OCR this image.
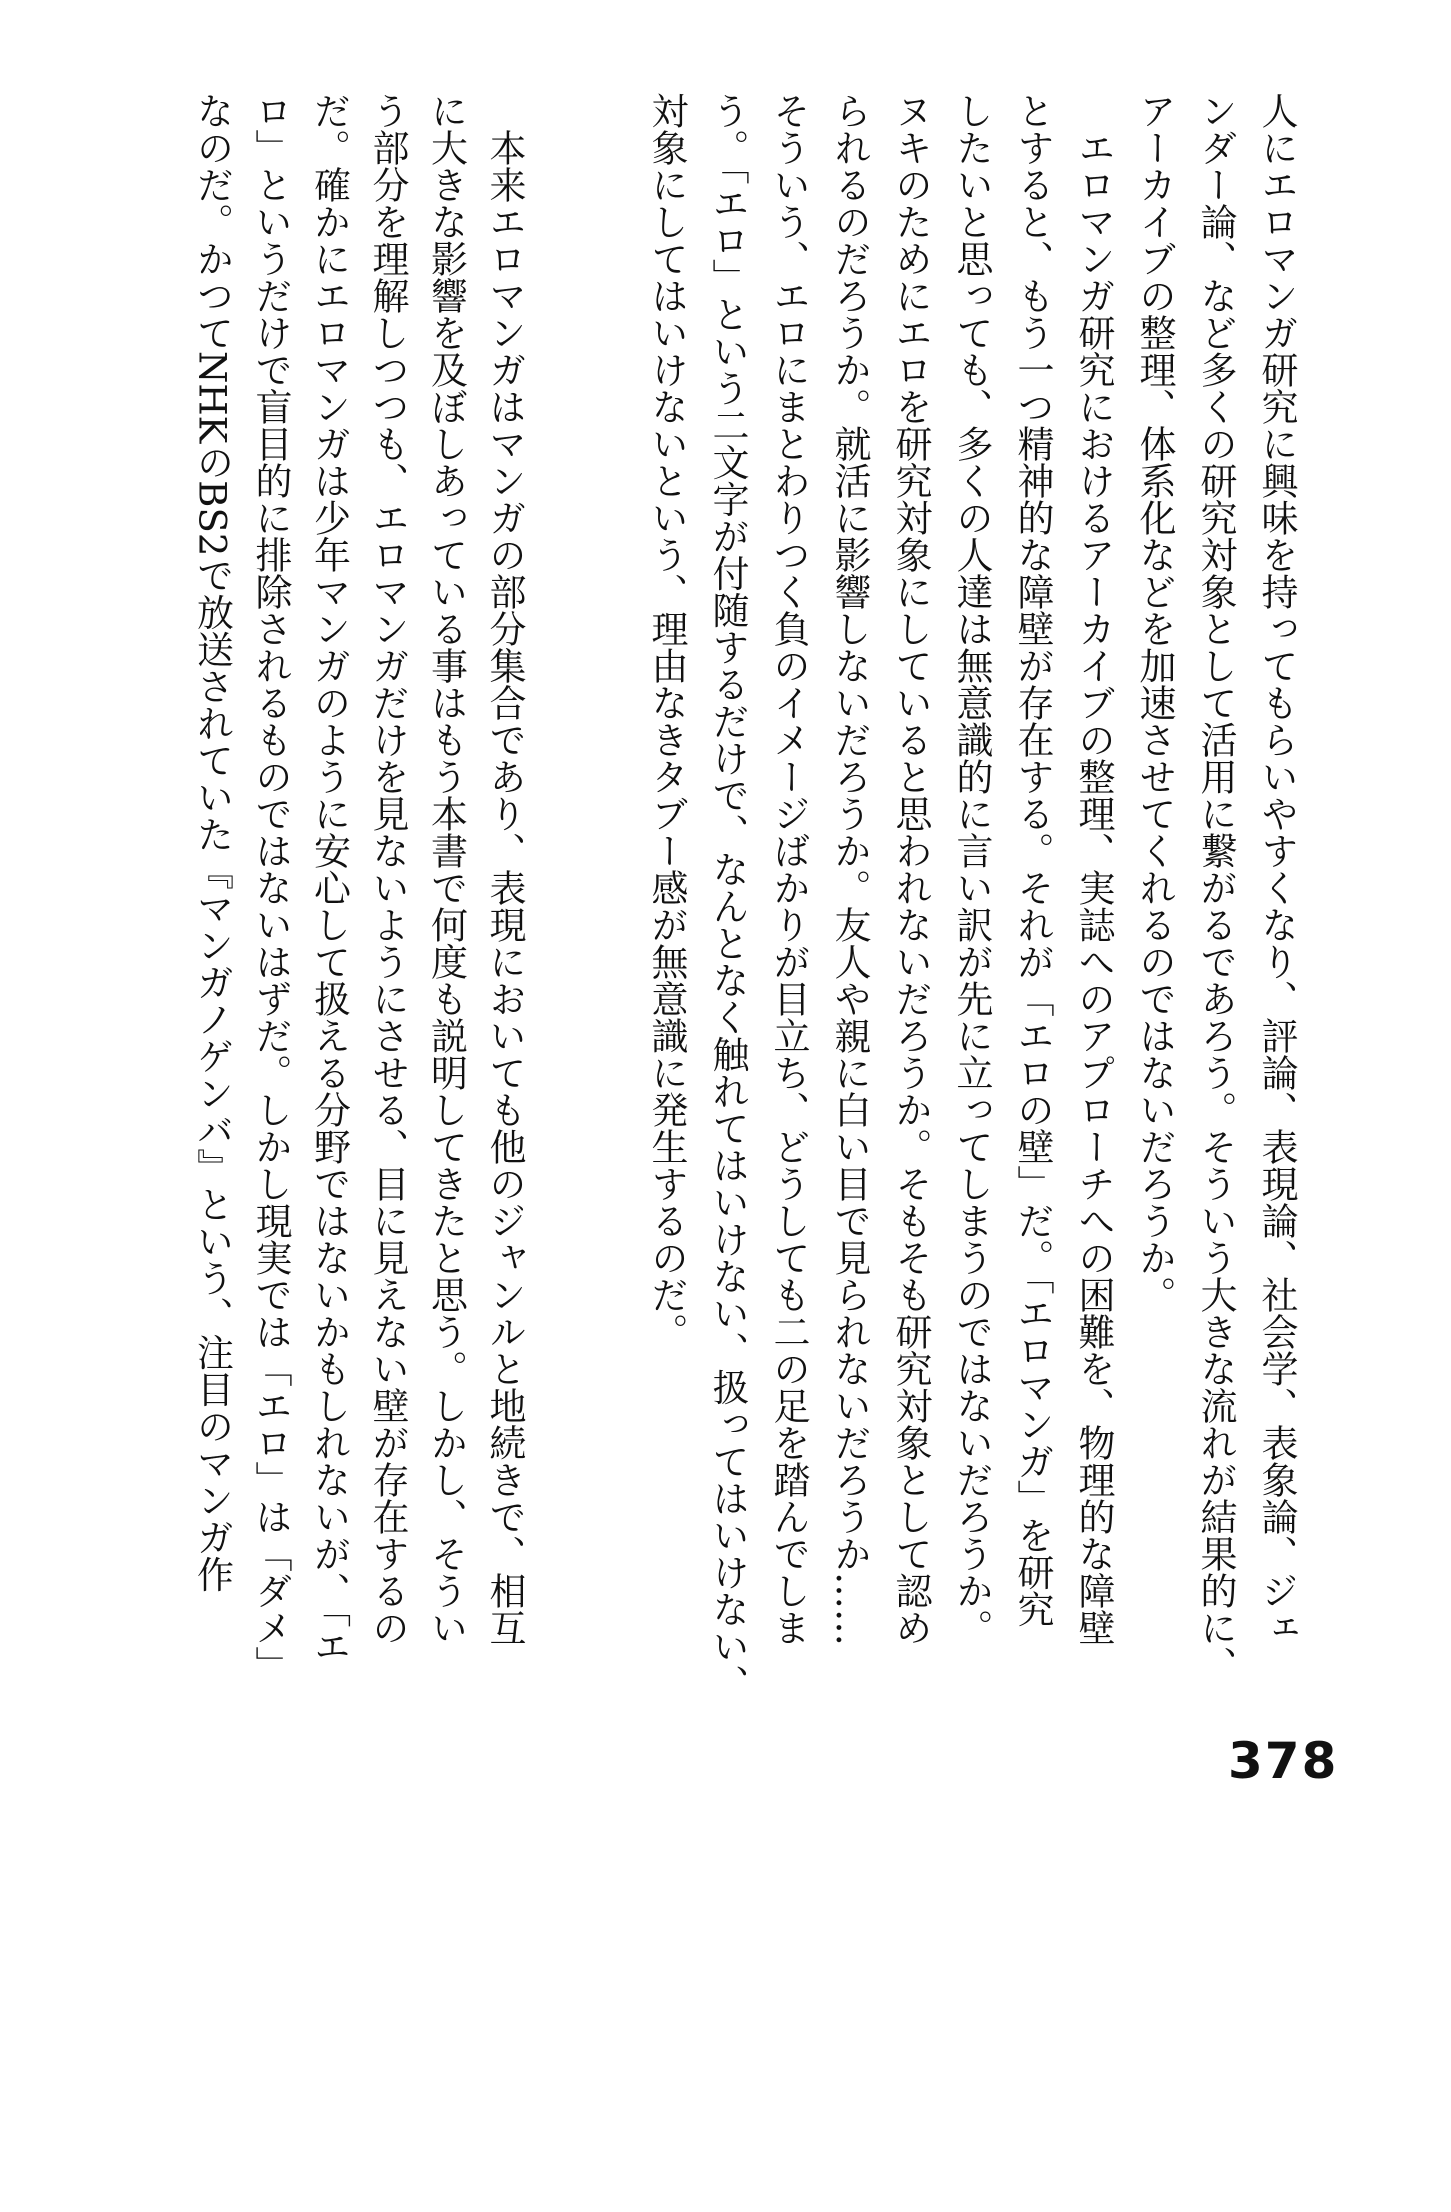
人にエロマンガ研究に興味を持ってもらいやすくなり、評論、表現論、社会学、表象論、ジェ
ンダー論、など多くの研究対象として活用に繋がるであろう。そういう大きな流れが結果的に、
アーカイブの整理、体系化などを加速させてくれるのではないだろうか。
　エロマンガ研究におけるアーカイブの整理、実誌へのアプローチへの困難を、物理的な障壁
とすると、もう一つ精神的な障壁が存在する。それが「エロの壁」だ。「エロマンガ」を研究
したいと思っても、多くの人達は無意識的に言い訳が先に立ってしまうのではないだろうか。
ヌキのためにエロを研究対象にしていると思われないだろうか。そもそも研究対象として認め
られるのだろうか。就活に影響しないだろうか。友人や親に白い目で見られないだろうか……
そういう、エロにまとわりつく負のイメージばかりが目立ち、どうしても二の足を踏んでしま
う。「エロ」という二文字が付随するだけで、なんとなく触れてはいけない、扱ってはいけない、
対象にしてはいけないという、理由なきタブー感が無意識に発生するのだ。
　本来エロマンガはマンガの部分集合であり、表現においても他のジャンルと地続きで、相互
に大きな影響を及ぼしあっている事はもう本書で何度も説明してきたと思う。しかし、そうい
う部分を理解しつつも、エロマンガだけを見ないようにさせる、目に見えない壁が存在するの
だ。確かにエロマンガは少年マンガのように安心して扱える分野ではないかもしれないが、「エ
ロ」というだけで盲目的に排除されるものではないはずだ。しかし現実では「エロ」は「ダメ」
なのだ。かつてNHKのBS2で放送されていた『マンガノゲンバ』という、注目のマンガ作
378
